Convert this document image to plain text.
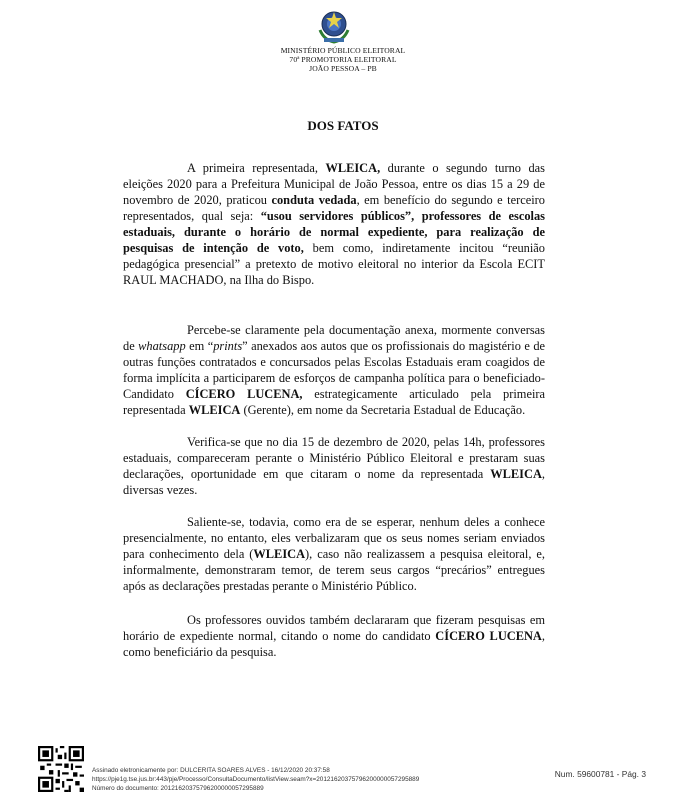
MINISTÉRIO PÚBLICO ELEITORAL
70ª PROMOTORIA ELEITORAL
JOÃO PESSOA – PB
DOS FATOS

A primeira representada, WLEICA, durante o segundo turno das eleições 2020 para a Prefeitura Municipal de João Pessoa, entre os dias 15 a 29 de novembro de 2020, praticou conduta vedada, em benefício do segundo e terceiro representados, qual seja: “usou servidores públicos”, professores de escolas estaduais, durante o horário de normal expediente, para realização de pesquisas de intenção de voto, bem como, indiretamente incitou “reunião pedagógica presencial” a pretexto de motivo eleitoral no interior da Escola ECIT RAUL MACHADO, na Ilha do Bispo.

Percebe-se claramente pela documentação anexa, mormente conversas de whatsapp em “prints” anexados aos autos que os profissionais do magistério e de outras funções contratados e concursados pelas Escolas Estaduais eram coagidos de forma implícita a participarem de esforços de campanha política para o beneficiado-Candidato CÍCERO LUCENA, estrategicamente articulado pela primeira representada WLEICA (Gerente), em nome da Secretaria Estadual de Educação.

Verifica-se que no dia 15 de dezembro de 2020, pelas 14h, professores estaduais, compareceram perante o Ministério Público Eleitoral e prestaram suas declarações, oportunidade em que citaram o nome da representada WLEICA, diversas vezes.

Saliente-se, todavia, como era de se esperar, nenhum deles a conhece presencialmente, no entanto, eles verbalizaram que os seus nomes seriam enviados para conhecimento dela (WLEICA), caso não realizassem a pesquisa eleitoral, e, informalmente, demonstraram temor, de terem seus cargos “precários” entregues após as declarações prestadas perante o Ministério Público.

Os professores ouvidos também declararam que fizeram pesquisas em horário de expediente normal, citando o nome do candidato CÍCERO LUCENA, como beneficiário da pesquisa.

Assinado eletronicamente por: DULCERITA SOARES ALVES - 16/12/2020 20:37:58
https://pje1g.tse.jus.br:443/pje/Processo/ConsultaDocumento/listView.seam?x=20121620375796200000057295889
Número do documento: 20121620375796200000057295889
Num. 59600781 - Pág. 3
